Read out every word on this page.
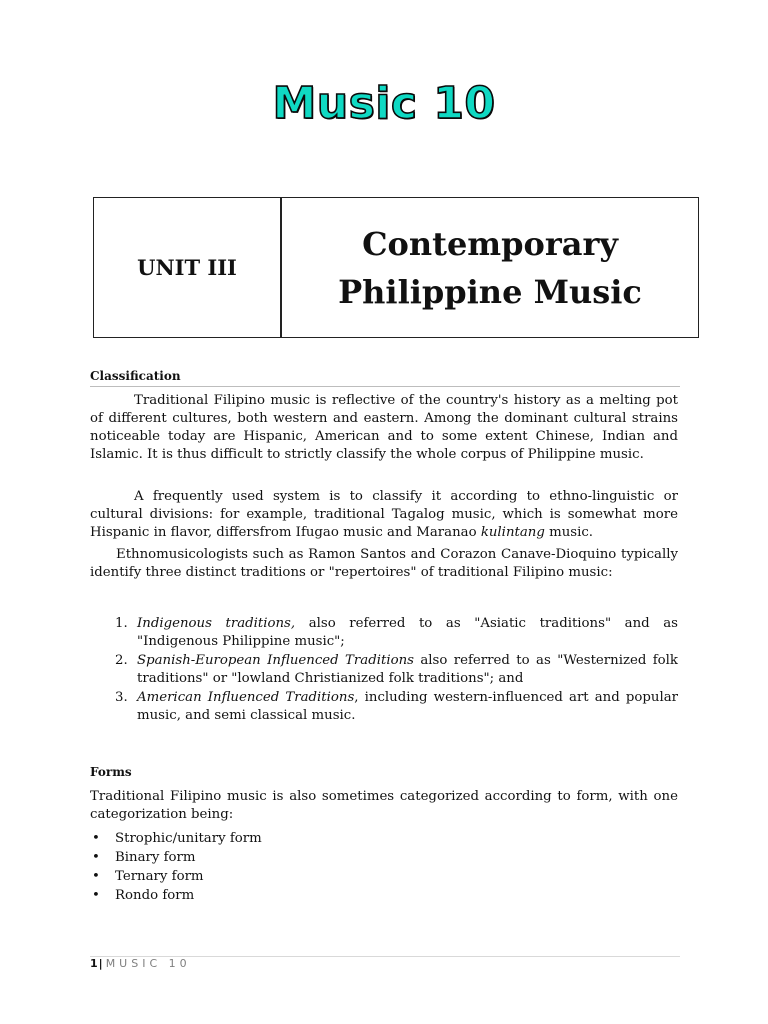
Music 10
UNIT III
Contemporary
Philippine Music
Classification

Traditional Filipino music is reflective of the country's history as a melting pot of different cultures, both western and eastern. Among the dominant cultural strains noticeable today are Hispanic, American and to some extent Chinese, Indian and Islamic. It is thus difficult to strictly classify the whole corpus of Philippine music.

A frequently used system is to classify it according to ethno-linguistic or cultural divisions: for example, traditional Tagalog music, which is somewhat more Hispanic in flavor, differsfrom Ifugao music and Maranao kulintang music.

Ethnomusicologists such as Ramon Santos and Corazon Canave-Dioquino typically identify three distinct traditions or "repertoires" of traditional Filipino music:

1. Indigenous traditions, also referred to as "Asiatic traditions" and as "Indigenous Philippine music";
2. Spanish-European Influenced Traditions also referred to as "Westernized folk traditions" or "lowland Christianized folk traditions"; and
3. American Influenced Traditions, including western-influenced art and popular music, and semi classical music.
Forms

Traditional Filipino music is also sometimes categorized according to form, with one categorization being:

• Strophic/unitary form
• Binary form
• Ternary form
• Rondo form
1| MUSIC 10
